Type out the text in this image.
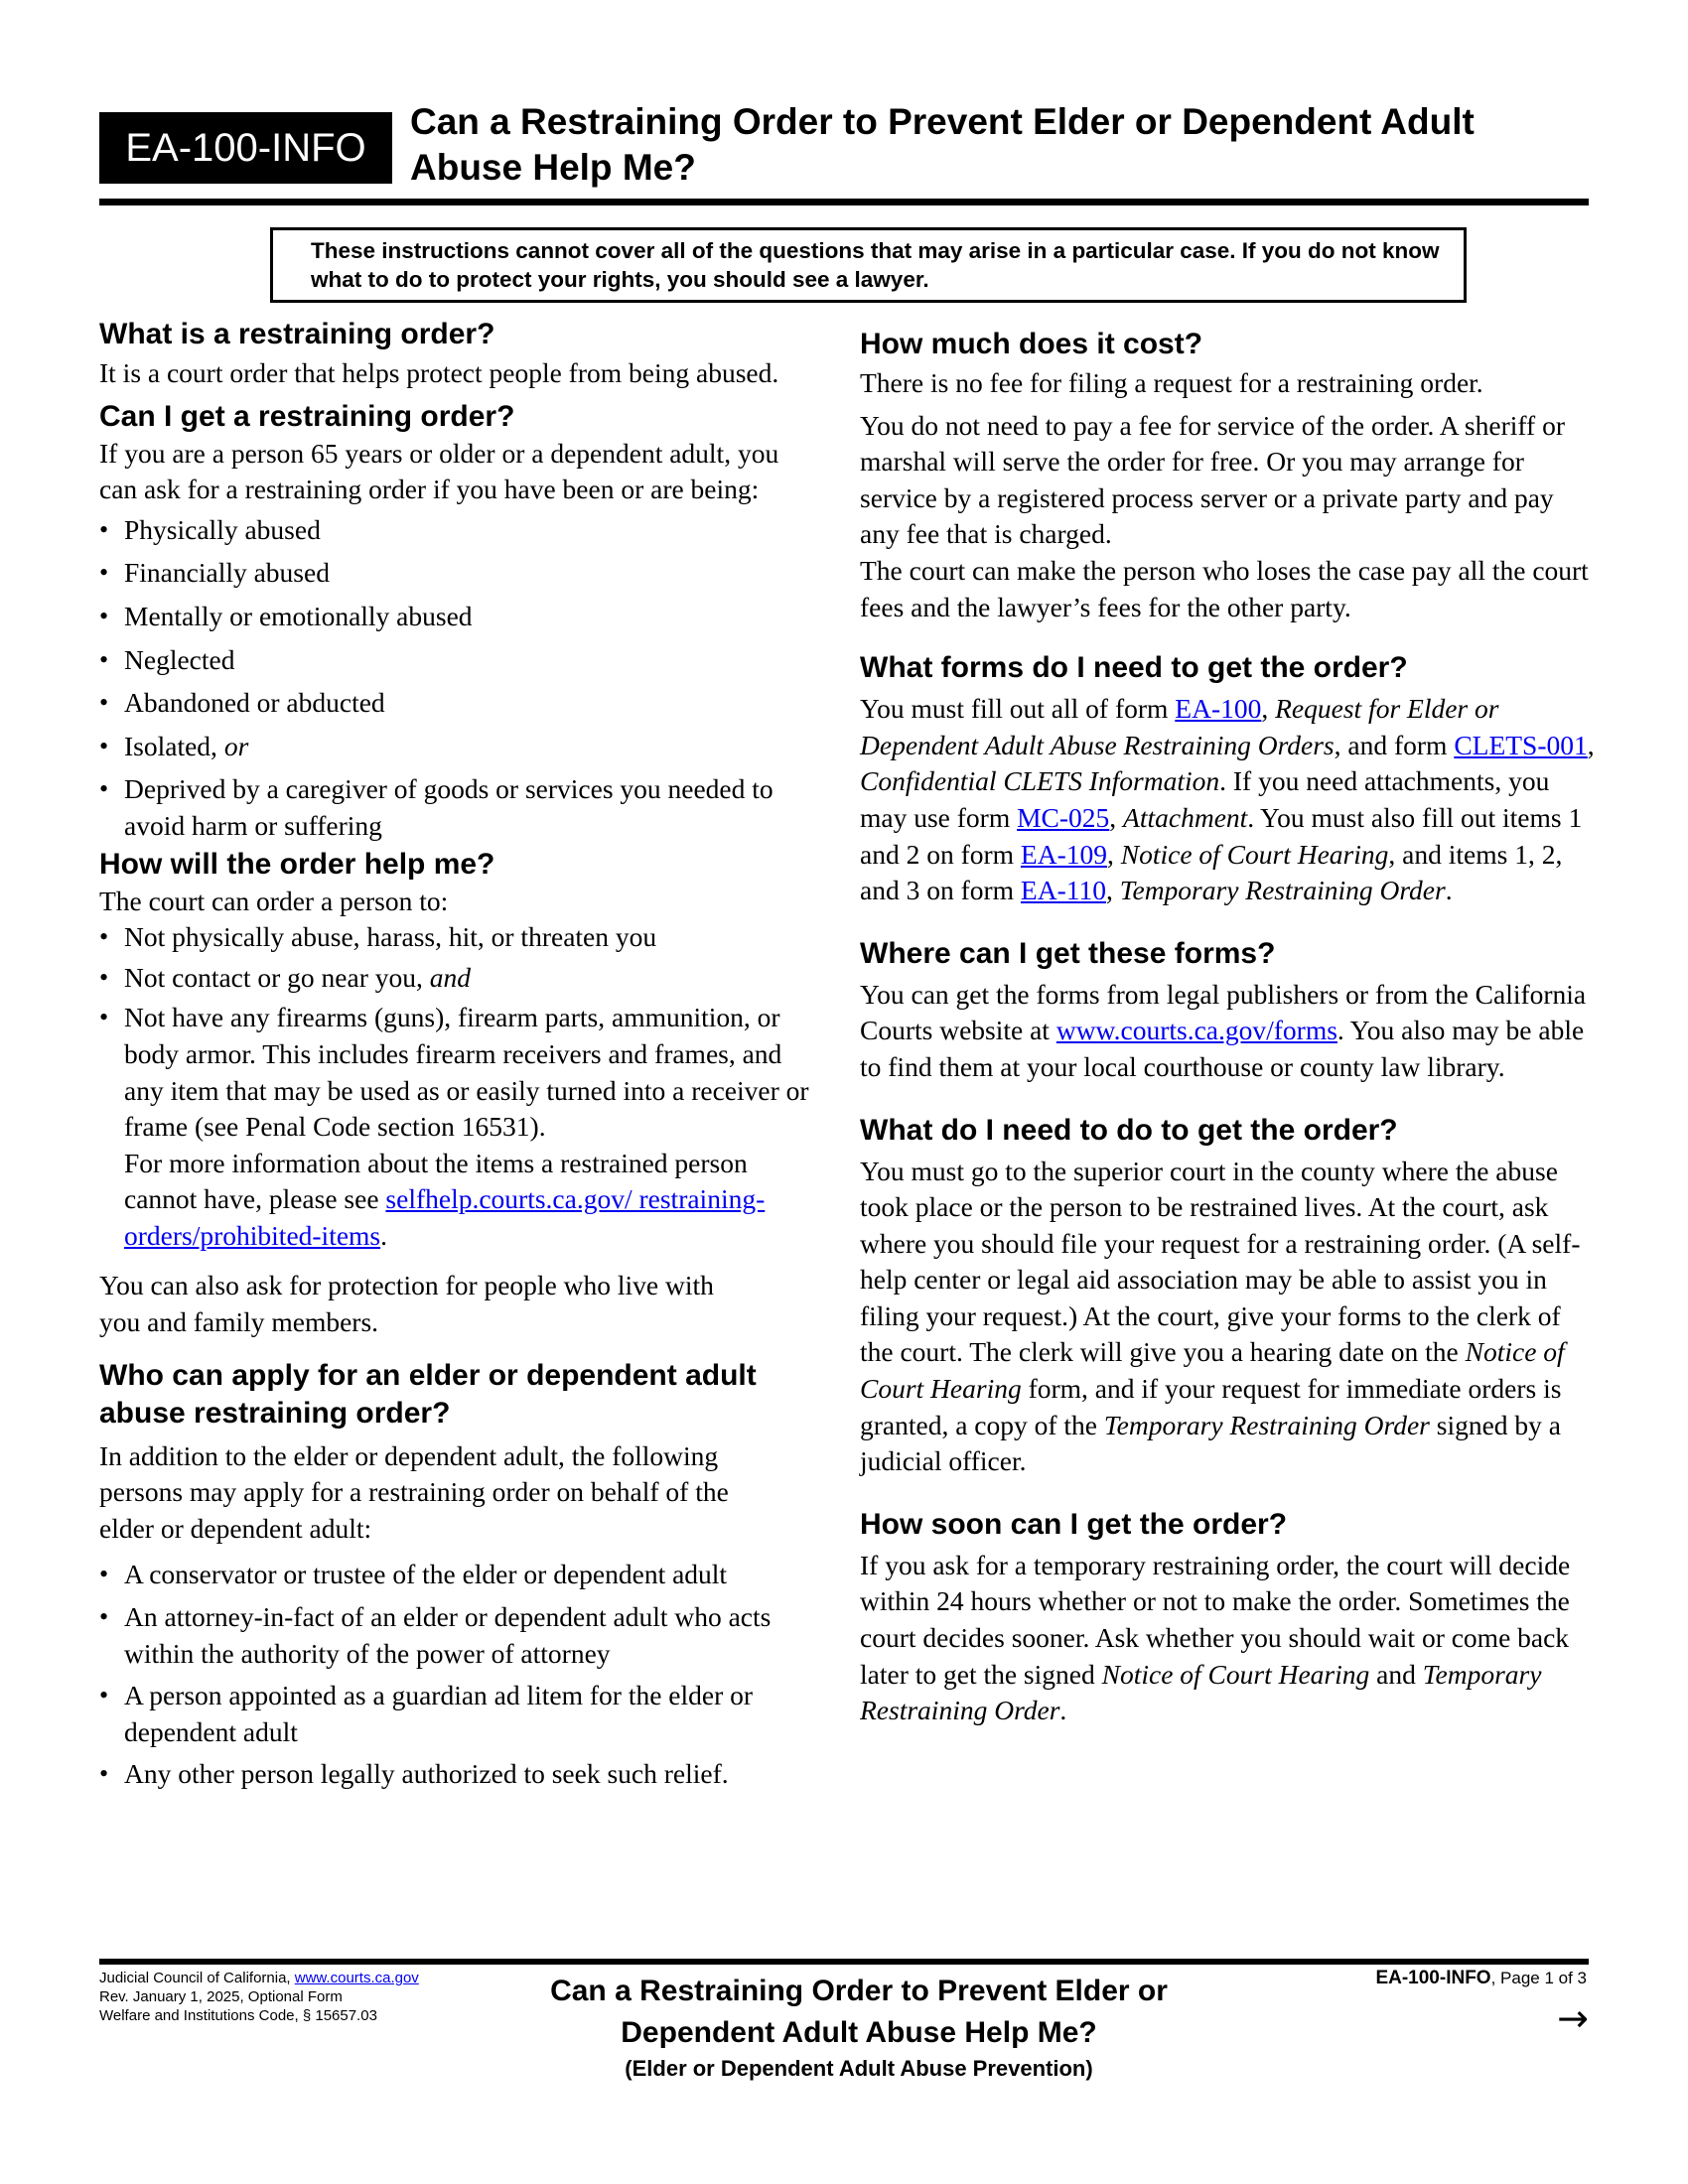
EA-100-INFO
Can a Restraining Order to Prevent Elder or Dependent Adult Abuse Help Me?

These instructions cannot cover all of the questions that may arise in a particular case. If you do not know what to do to protect your rights, you should see a lawyer.

What is a restraining order?

It is a court order that helps protect people from being abused.

Can I get a restraining order?

If you are a person 65 years or older or a dependent adult, you can ask for a restraining order if you have been or are being:

• Physically abused
• Financially abused
• Mentally or emotionally abused
• Neglected
• Abandoned or abducted
• Isolated, or
• Deprived by a caregiver of goods or services you needed to avoid harm or suffering
How will the order help me?

The court can order a person to:

• Not physically abuse, harass, hit, or threaten you
• Not contact or go near you, and
• Not have any firearms (guns), firearm parts, ammunition, or body armor. This includes firearm receivers and frames, and any item that may be used as or easily turned into a receiver or frame (see Penal Code section 16531).
For more information about the items a restrained person cannot have, please see selfhelp.courts.ca.gov/ restraining-orders/prohibited-items.

You can also ask for protection for people who live with you and family members.

Who can apply for an elder or dependent adult abuse restraining order?

In addition to the elder or dependent adult, the following persons may apply for a restraining order on behalf of the elder or dependent adult:

• A conservator or trustee of the elder or dependent adult
• An attorney-in-fact of an elder or dependent adult who acts within the authority of the power of attorney
• A person appointed as a guardian ad litem for the elder or dependent adult
• Any other person legally authorized to seek such relief.
How much does it cost?

There is no fee for filing a request for a restraining order.

You do not need to pay a fee for service of the order. A sheriff or marshal will serve the order for free. Or you may arrange for service by a registered process server or a private party and pay any fee that is charged.

The court can make the person who loses the case pay all the court fees and the lawyer’s fees for the other party.

What forms do I need to get the order?

You must fill out all of form EA-100, Request for Elder or Dependent Adult Abuse Restraining Orders, and form CLETS-001, Confidential CLETS Information. If you need attachments, you may use form MC-025, Attachment. You must also fill out items 1 and 2 on form EA-109, Notice of Court Hearing, and items 1, 2, and 3 on form EA-110, Temporary Restraining Order.

Where can I get these forms?

You can get the forms from legal publishers or from the California Courts website at www.courts.ca.gov/forms. You also may be able to find them at your local courthouse or county law library.

What do I need to do to get the order?

You must go to the superior court in the county where the abuse took place or the person to be restrained lives. At the court, ask where you should file your request for a restraining order. (A self-help center or legal aid association may be able to assist you in filing your request.) At the court, give your forms to the clerk of the court. The clerk will give you a hearing date on the Notice of Court Hearing form, and if your request for immediate orders is granted, a copy of the Temporary Restraining Order signed by a judicial officer.

How soon can I get the order?

If you ask for a temporary restraining order, the court will decide within 24 hours whether or not to make the order. Sometimes the court decides sooner. Ask whether you should wait or come back later to get the signed Notice of Court Hearing and Temporary Restraining Order.

Judicial Council of California, www.courts.ca.gov
Rev. January 1, 2025, Optional Form
Welfare and Institutions Code, § 15657.03
Can a Restraining Order to Prevent Elder or
Dependent Adult Abuse Help Me?
(Elder or Dependent Adult Abuse Prevention)
EA-100-INFO, Page 1 of 3
→
